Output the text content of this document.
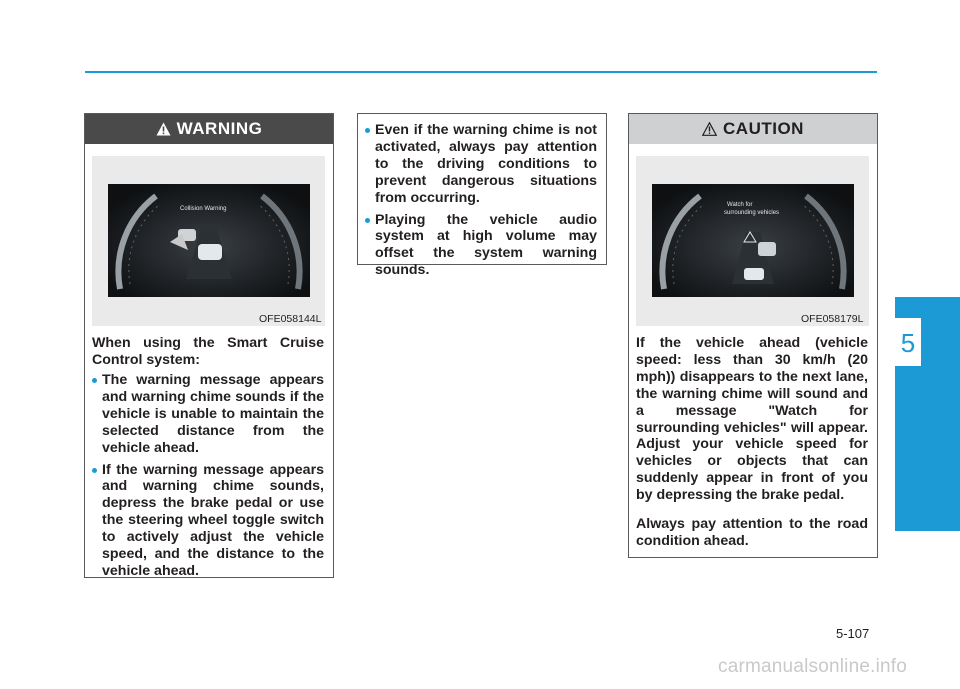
5
Driving your vehicle
WARNING
Collision Warning
OFE058144L

When using the Smart Cruise Control system:

The warning message appears and warning chime sounds if the vehicle is unable to maintain the selected distance from the vehicle ahead.
If the warning message appears and warning chime sounds, depress the brake pedal or use the steering wheel toggle switch to actively adjust the vehicle speed, and the distance to the vehicle ahead.
Even if the warning chime is not activated, always pay attention to the driving conditions to prevent dangerous situations from occurring.
Playing the vehicle audio system at high volume may offset the system warning sounds.
CAUTION
Watch for
surrounding vehicles
OFE058179L

If the vehicle ahead (vehicle speed: less than 30 km/h (20 mph)) disappears to the next lane, the warning chime will sound and a message "Watch for surrounding vehicles" will appear. Adjust your vehicle speed for vehicles or objects that can suddenly appear in front of you by depressing the brake pedal.

Always pay attention to the road condition ahead.

5-107
carmanualsonline.info
